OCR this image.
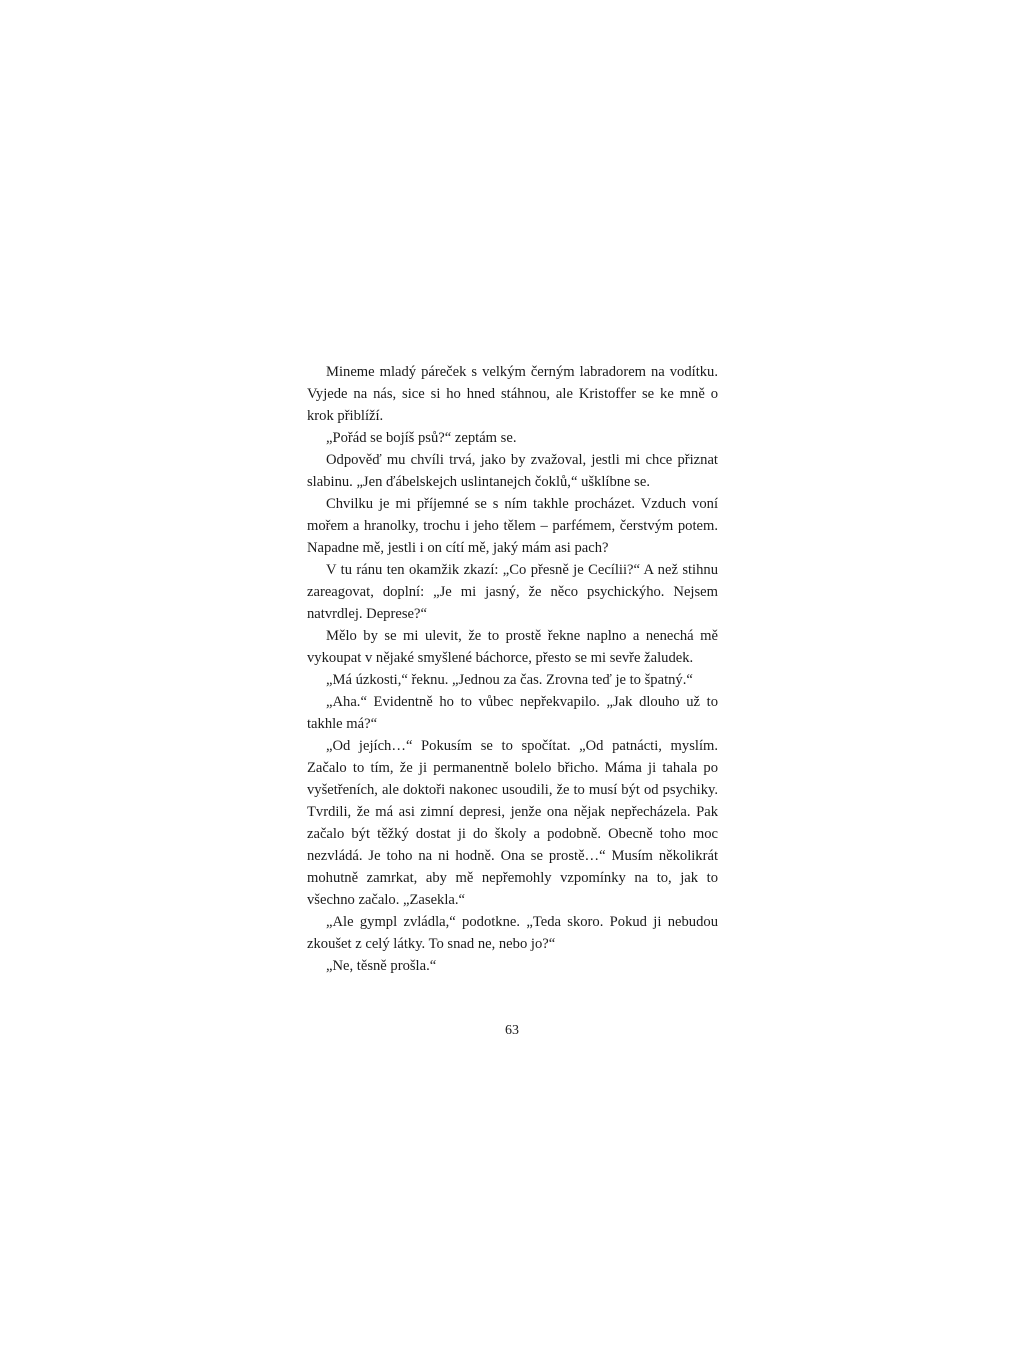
Mineme mladý páreček s velkým černým labradorem na vodítku. Vyjede na nás, sice si ho hned stáhnou, ale Kristoffer se ke mně o krok přiblíží.

„Pořád se bojíš psů?“ zeptám se.

Odpověď mu chvíli trvá, jako by zvažoval, jestli mi chce přiznat slabinu. „Jen ďábelskejch uslintanejch čoklů,“ ušklíbne se.

Chvilku je mi příjemné se s ním takhle procházet. Vzduch voní mořem a hranolky, trochu i jeho tělem – parfémem, čerstvým potem. Napadne mě, jestli i on cítí mě, jaký mám asi pach?

V tu ránu ten okamžik zkazí: „Co přesně je Cecílii?“ A než stihnu zareagovat, doplní: „Je mi jasný, že něco psychickýho. Nejsem natvrdlej. Deprese?“

Mělo by se mi ulevit, že to prostě řekne naplno a nenechá mě vykoupat v nějaké smyšlené báchorce, přesto se mi sevře žaludek.

„Má úzkosti,“ řeknu. „Jednou za čas. Zrovna teď je to špatný.“

„Aha.“ Evidentně ho to vůbec nepřekvapilo. „Jak dlouho už to takhle má?“

„Od jejích…“ Pokusím se to spočítat. „Od patnácti, myslím. Začalo to tím, že ji permanentně bolelo břicho. Máma ji tahala po vyšetřeních, ale doktoři nakonec usoudili, že to musí být od psychiky. Tvrdili, že má asi zimní depresi, jenže ona nějak nepřecházela. Pak začalo být těžký dostat ji do školy a podobně. Obecně toho moc nezvládá. Je toho na ni hodně. Ona se prostě…“ Musím několikrát mohutně zamrkat, aby mě nepřemohly vzpomínky na to, jak to všechno začalo. „Zasekla.“

„Ale gympl zvládla,“ podotkne. „Teda skoro. Pokud ji nebudou zkoušet z celý látky. To snad ne, nebo jo?“

„Ne, těsně prošla.“

63
